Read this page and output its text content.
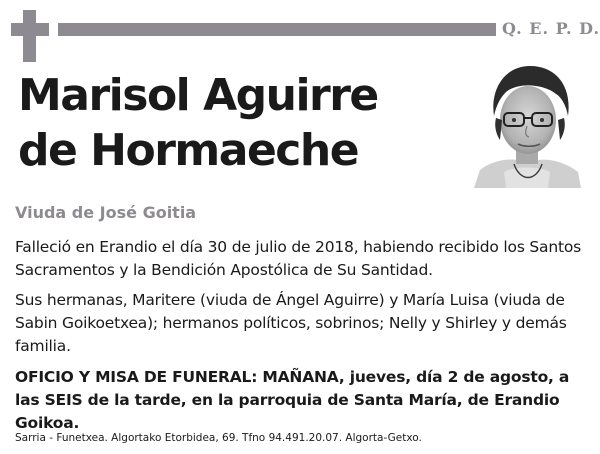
Q. E. P. D.
Marisol Aguirre
de Hormaeche
Viuda de José Goitia

Falleció en Erandio el día 30 de julio de 2018, habiendo recibido los Santos Sacramentos y la Bendición Apostólica de Su Santidad.

Sus hermanas, Maritere (viuda de Ángel Aguirre) y María Luisa (viuda de Sabin Goikoetxea); hermanos políticos, sobrinos; Nelly y Shirley y demás familia.

OFICIO Y MISA DE FUNERAL: MAÑANA, jueves, día 2 de agosto, a las SEIS de la tarde, en la parroquia de Santa María, de Erandio Goikoa.

Sarria - Funetxea. Algortako Etorbidea, 69. Tfno 94.491.20.07. Algorta-Getxo.
